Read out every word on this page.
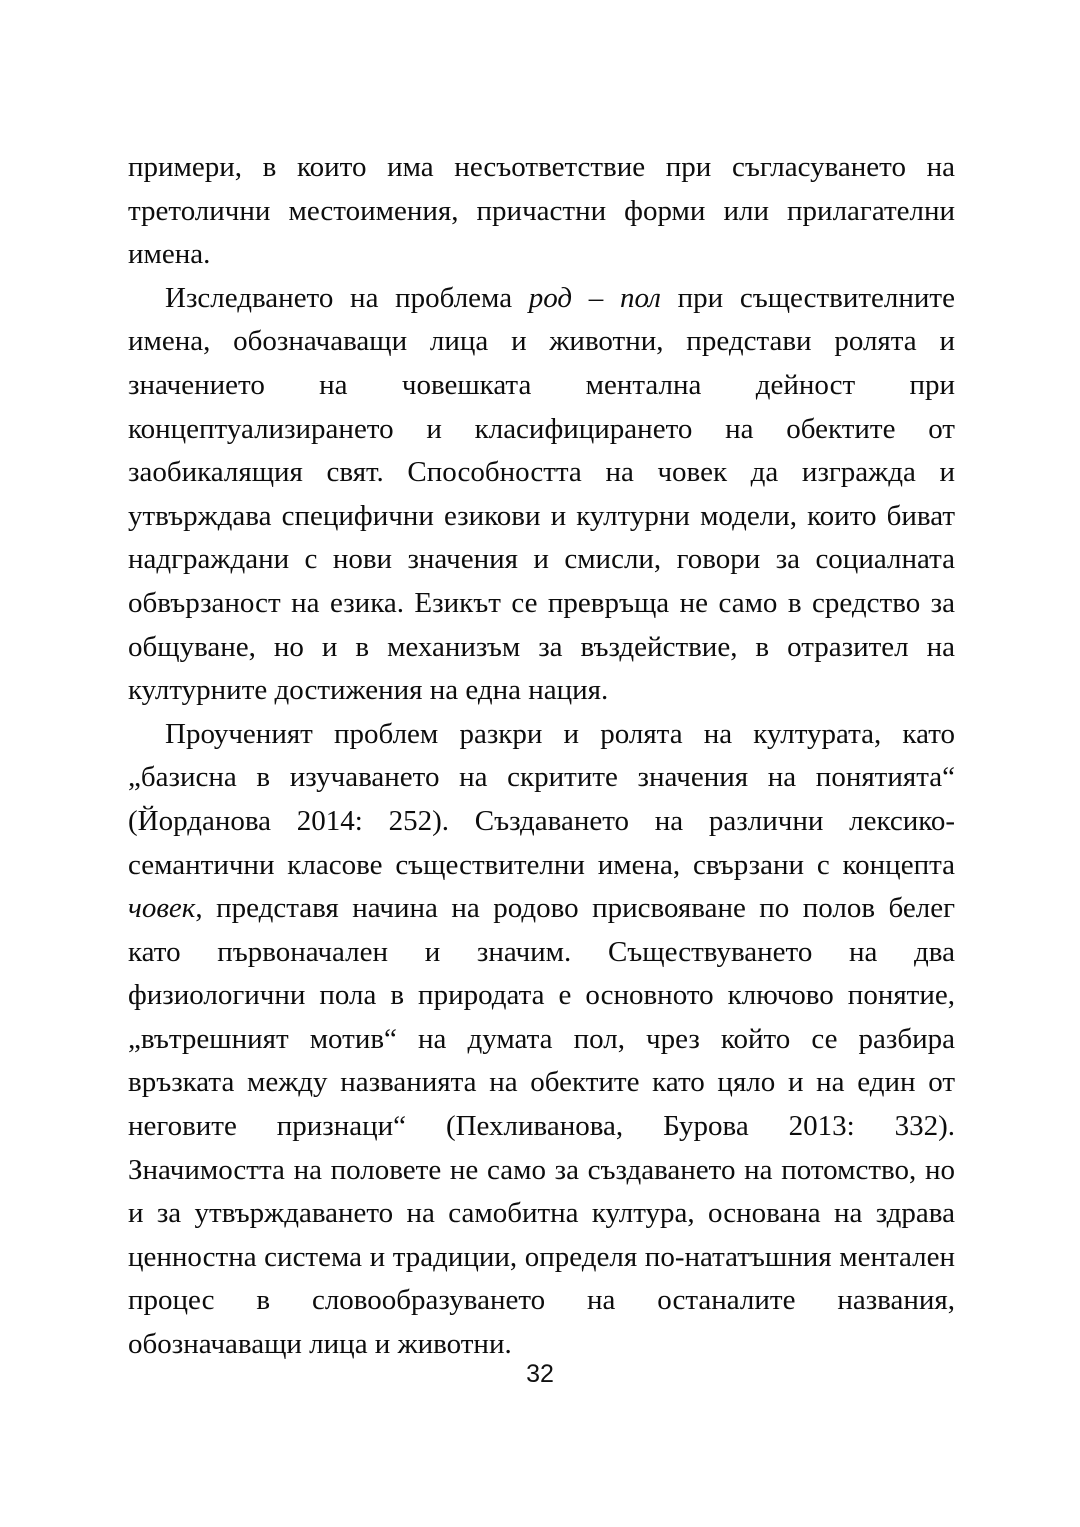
примери, в които има несъответствие при съгласуването на третолични местоимения, причастни форми или прилагателни имена.

Изследването на проблема род – пол при съществителните имена, обозначаващи лица и животни, представи ролята и значението на човешката ментална дейност при концептуализирането и класифицирането на обектите от заобикалящия свят. Способността на човек да изгражда и утвърждава специфични езикови и културни модели, които биват надграждани с нови значения и смисли, говори за социалната обвързаност на езика. Езикът се превръща не само в средство за общуване, но и в механизъм за въздействие, в отразител на културните достижения на една нация.

Проученият проблем разкри и ролята на културата, като „базисна в изучаването на скритите значения на понятията“ (Йорданова 2014: 252). Създаването на различни лексико-семантични класове съществителни имена, свързани с концепта човек, представя начина на родово присвояване по полов белег като първоначален и значим. Съществуването на два физиологични пола в природата е основното ключово понятие, „вътрешният мотив“ на думата пол, чрез който се разбира връзката между названията на обектите като цяло и на един от неговите признаци“ (Пехливанова, Бурова 2013: 332). Значимостта на половете не само за създаването на потомство, но и за утвърждаването на самобитна култура, основана на здрава ценностна система и традиции, определя по-нататъшния ментален процес в словообразуването на останалите названия, обозначаващи лица и животни.

32
